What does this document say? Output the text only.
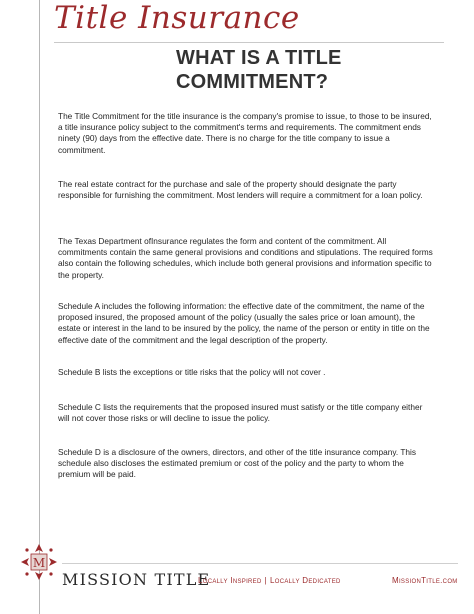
Title Insurance
WHAT IS A TITLE COMMITMENT?

The Title Commitment for the title insurance is the company's promise to issue, to those to be insured, a title insurance policy subject to the commitment's terms and requirements. The commitment ends ninety (90) days from the effective date. There is no charge for the title company to issue a commitment.

The real estate contract for the purchase and sale of the property should designate the party responsible for furnishing the commitment. Most lenders will require a commitment for a loan policy.

The Texas Department ofInsurance regulates the form and content of the commitment. All commitments contain the same general provisions and conditions and stipulations. The required forms also contain the following schedules, which include both general provisions and information specific to the property.

Schedule A includes the following information: the effective date of the commitment, the name of the proposed insured, the proposed amount of the policy (usually the sales price or loan amount), the estate or interest in the land to be insured by the policy, the name of the person or entity in title on the effective date of the commitment and the legal description of the property.

Schedule B lists the exceptions or title risks that the policy will not cover .

Schedule C lists the requirements that the proposed insured must satisfy or the title company either will not cover those risks or will decline to issue the policy.

Schedule D is a disclosure of the owners, directors, and other of the title insurance company. This schedule also discloses the estimated premium or cost of the policy and the party to whom the premium will be paid.

M
MISSION TITLE
Locally Inspired | Locally Dedicated	MissionTitle.com
